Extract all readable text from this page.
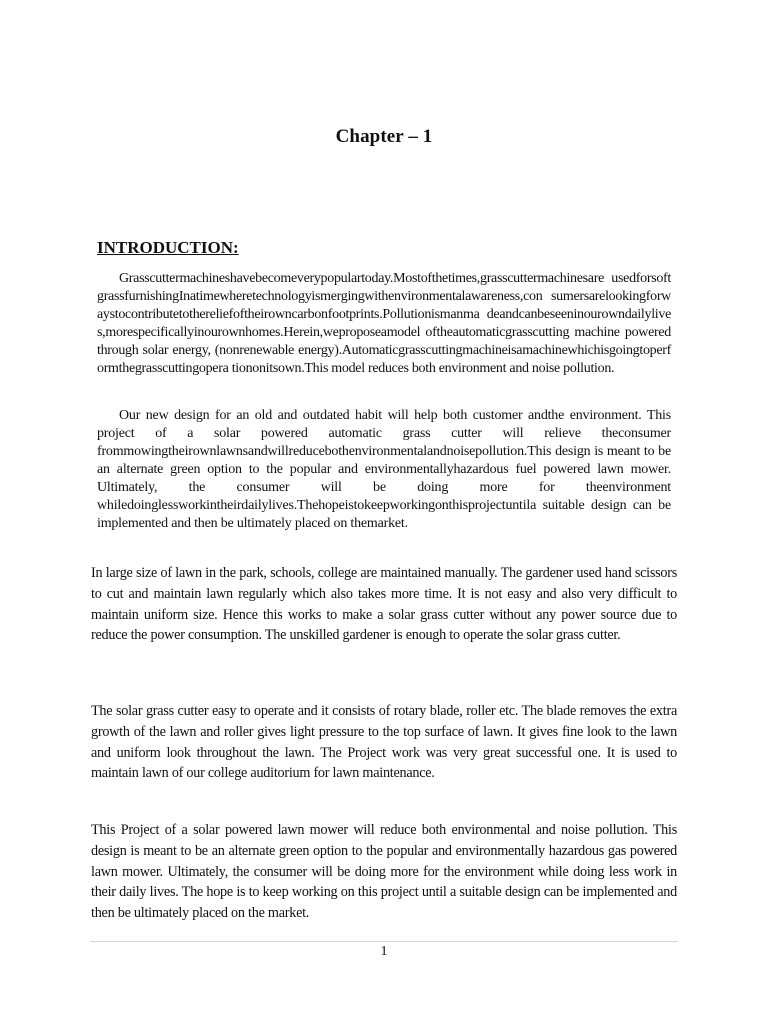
Chapter – 1
INTRODUCTION:

Grasscuttermachineshavebecomeverypopulartoday.Mostofthetimes,grasscuttermachinesare usedforsoftgrassfurnishingInatimewheretechnologyismergingwithenvironmentalawareness,con sumersarelookingforwaystocontributetothereliefoftheirowncarbonfootprints.Pollutionismanma deandcanbeseeninourowndailylives,morespecificallyinourownhomes.Herein,weproposeamodel oftheautomaticgrasscutting machine powered through solar energy, (nonrenewable energy).Automaticgrasscuttingmachineisamachinewhichisgoingtoperformthegrasscuttingopera tiononitsown.This model reduces both environment and noise pollution.

Our new design for an old and outdated habit will help both customer andthe environment. This project of a solar powered automatic grass cutter will relieve theconsumer frommowingtheirownlawnsandwillreducebothenvironmentalandnoisepollution.This design is meant to be an alternate green option to the popular and environmentallyhazardous fuel powered lawn mower. Ultimately, the consumer will be doing more for theenvironment whiledoinglessworkintheirdailylives.Thehopeistokeepworkingonthisprojectuntila suitable design can be implemented and then be ultimately placed on themarket.

In large size of lawn in the park, schools, college are maintained manually. The gardener used hand scissors to cut and maintain lawn regularly which also takes more time. It is not easy and also very difficult to maintain uniform size. Hence this works to make a solar grass cutter without any power source due to reduce the power consumption. The unskilled gardener is enough to operate the solar grass cutter.

The solar grass cutter easy to operate and it consists of rotary blade, roller etc. The blade removes the extra growth of the lawn and roller gives light pressure to the top surface of lawn. It gives fine look to the lawn and uniform look throughout the lawn. The Project work was very great successful one. It is used to maintain lawn of our college auditorium for lawn maintenance.

This Project of a solar powered lawn mower will reduce both environmental and noise pollution. This design is meant to be an alternate green option to the popular and environmentally hazardous gas powered lawn mower. Ultimately, the consumer will be doing more for the environment while doing less work in their daily lives. The hope is to keep working on this project until a suitable design can be implemented and then be ultimately placed on the market.

1
